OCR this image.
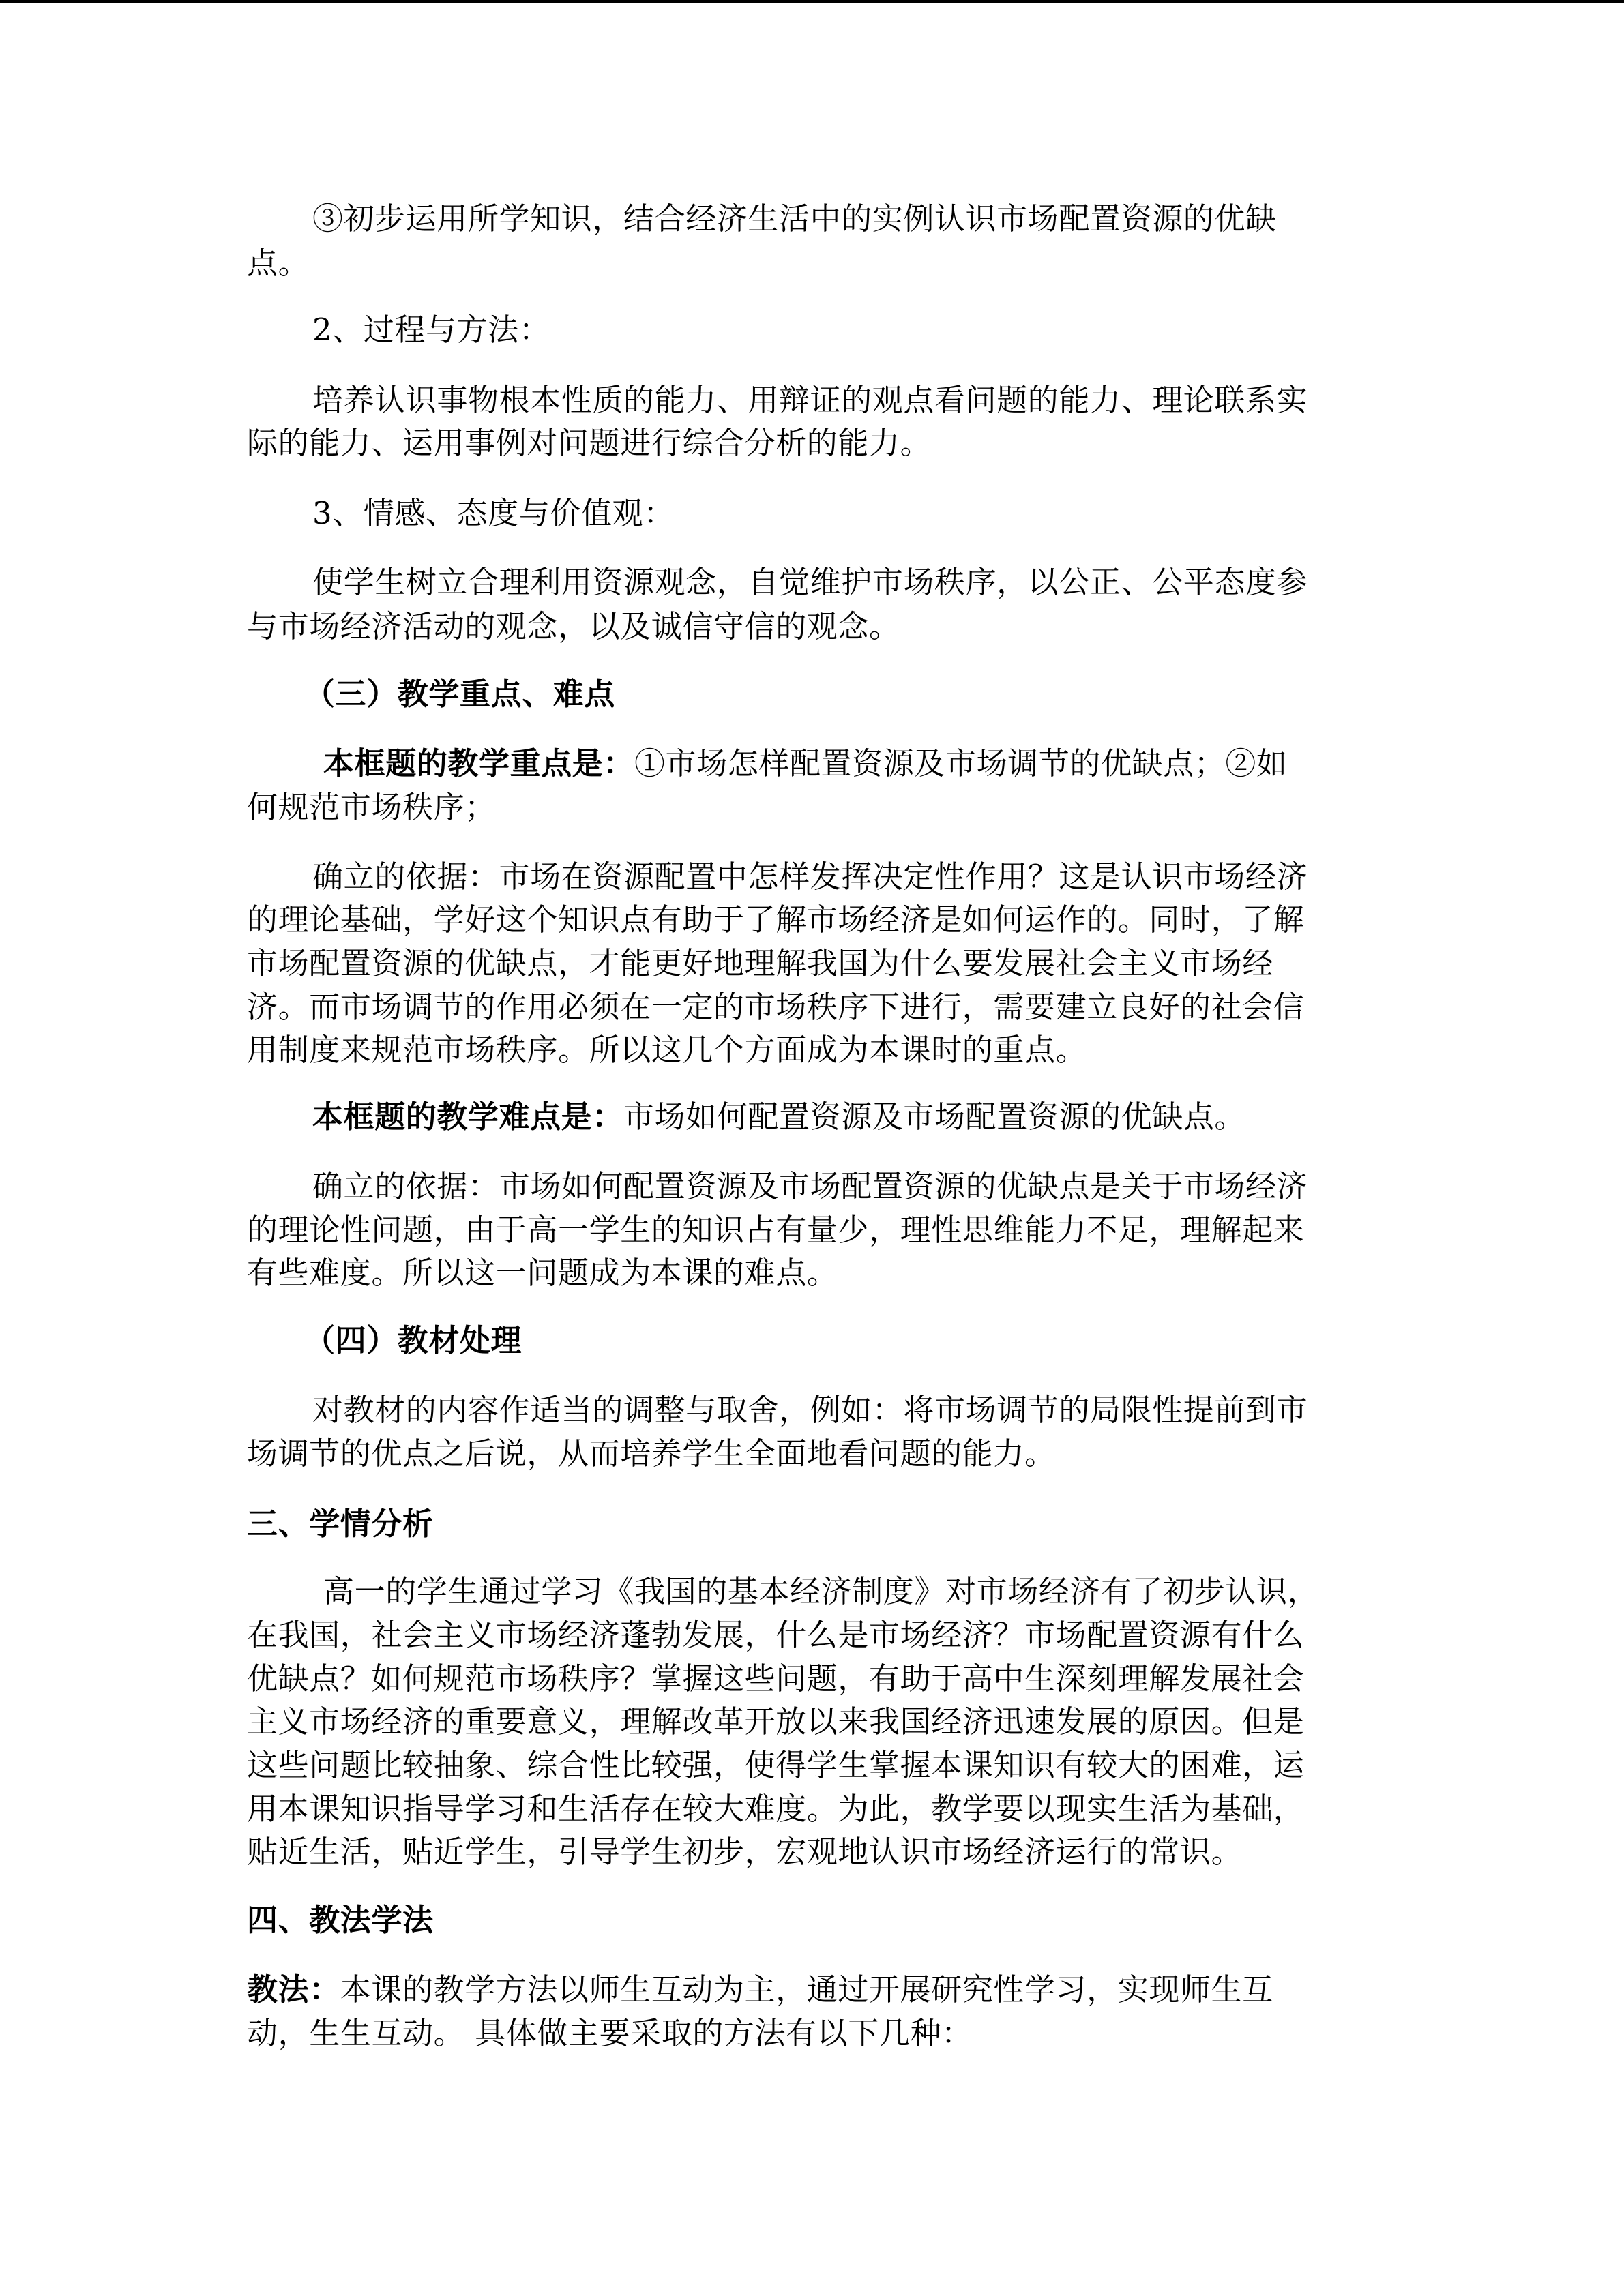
③初步运用所学知识，结合经济生活中的实例认识市场配置资源的优缺
点。
2、过程与方法：
培养认识事物根本性质的能力、用辩证的观点看问题的能力、理论联系实
际的能力、运用事例对问题进行综合分析的能力。
3、情感、态度与价值观：
使学生树立合理利用资源观念，自觉维护市场秩序，以公正、公平态度参
与市场经济活动的观念，以及诚信守信的观念。
（三）教学重点、难点
本框题的教学重点是：①市场怎样配置资源及市场调节的优缺点；②如
何规范市场秩序；
确立的依据：市场在资源配置中怎样发挥决定性作用？这是认识市场经济
的理论基础，学好这个知识点有助于了解市场经济是如何运作的。同时，了解
市场配置资源的优缺点，才能更好地理解我国为什么要发展社会主义市场经
济。而市场调节的作用必须在一定的市场秩序下进行，需要建立良好的社会信
用制度来规范市场秩序。所以这几个方面成为本课时的重点。
本框题的教学难点是：市场如何配置资源及市场配置资源的优缺点。
确立的依据：市场如何配置资源及市场配置资源的优缺点是关于市场经济
的理论性问题，由于高一学生的知识占有量少，理性思维能力不足，理解起来
有些难度。所以这一问题成为本课的难点。
（四）教材处理
对教材的内容作适当的调整与取舍，例如：将市场调节的局限性提前到市
场调节的优点之后说，从而培养学生全面地看问题的能力。
三、学情分析
高一的学生通过学习《我国的基本经济制度》对市场经济有了初步认识，
在我国，社会主义市场经济蓬勃发展，什么是市场经济？市场配置资源有什么
优缺点？如何规范市场秩序？掌握这些问题，有助于高中生深刻理解发展社会
主义市场经济的重要意义，理解改革开放以来我国经济迅速发展的原因。但是
这些问题比较抽象、综合性比较强，使得学生掌握本课知识有较大的困难，运
用本课知识指导学习和生活存在较大难度。为此，教学要以现实生活为基础，
贴近生活，贴近学生，引导学生初步，宏观地认识市场经济运行的常识。
四、教法学法
教法：本课的教学方法以师生互动为主，通过开展研究性学习，实现师生互
动，生生互动。 具体做主要采取的方法有以下几种：
